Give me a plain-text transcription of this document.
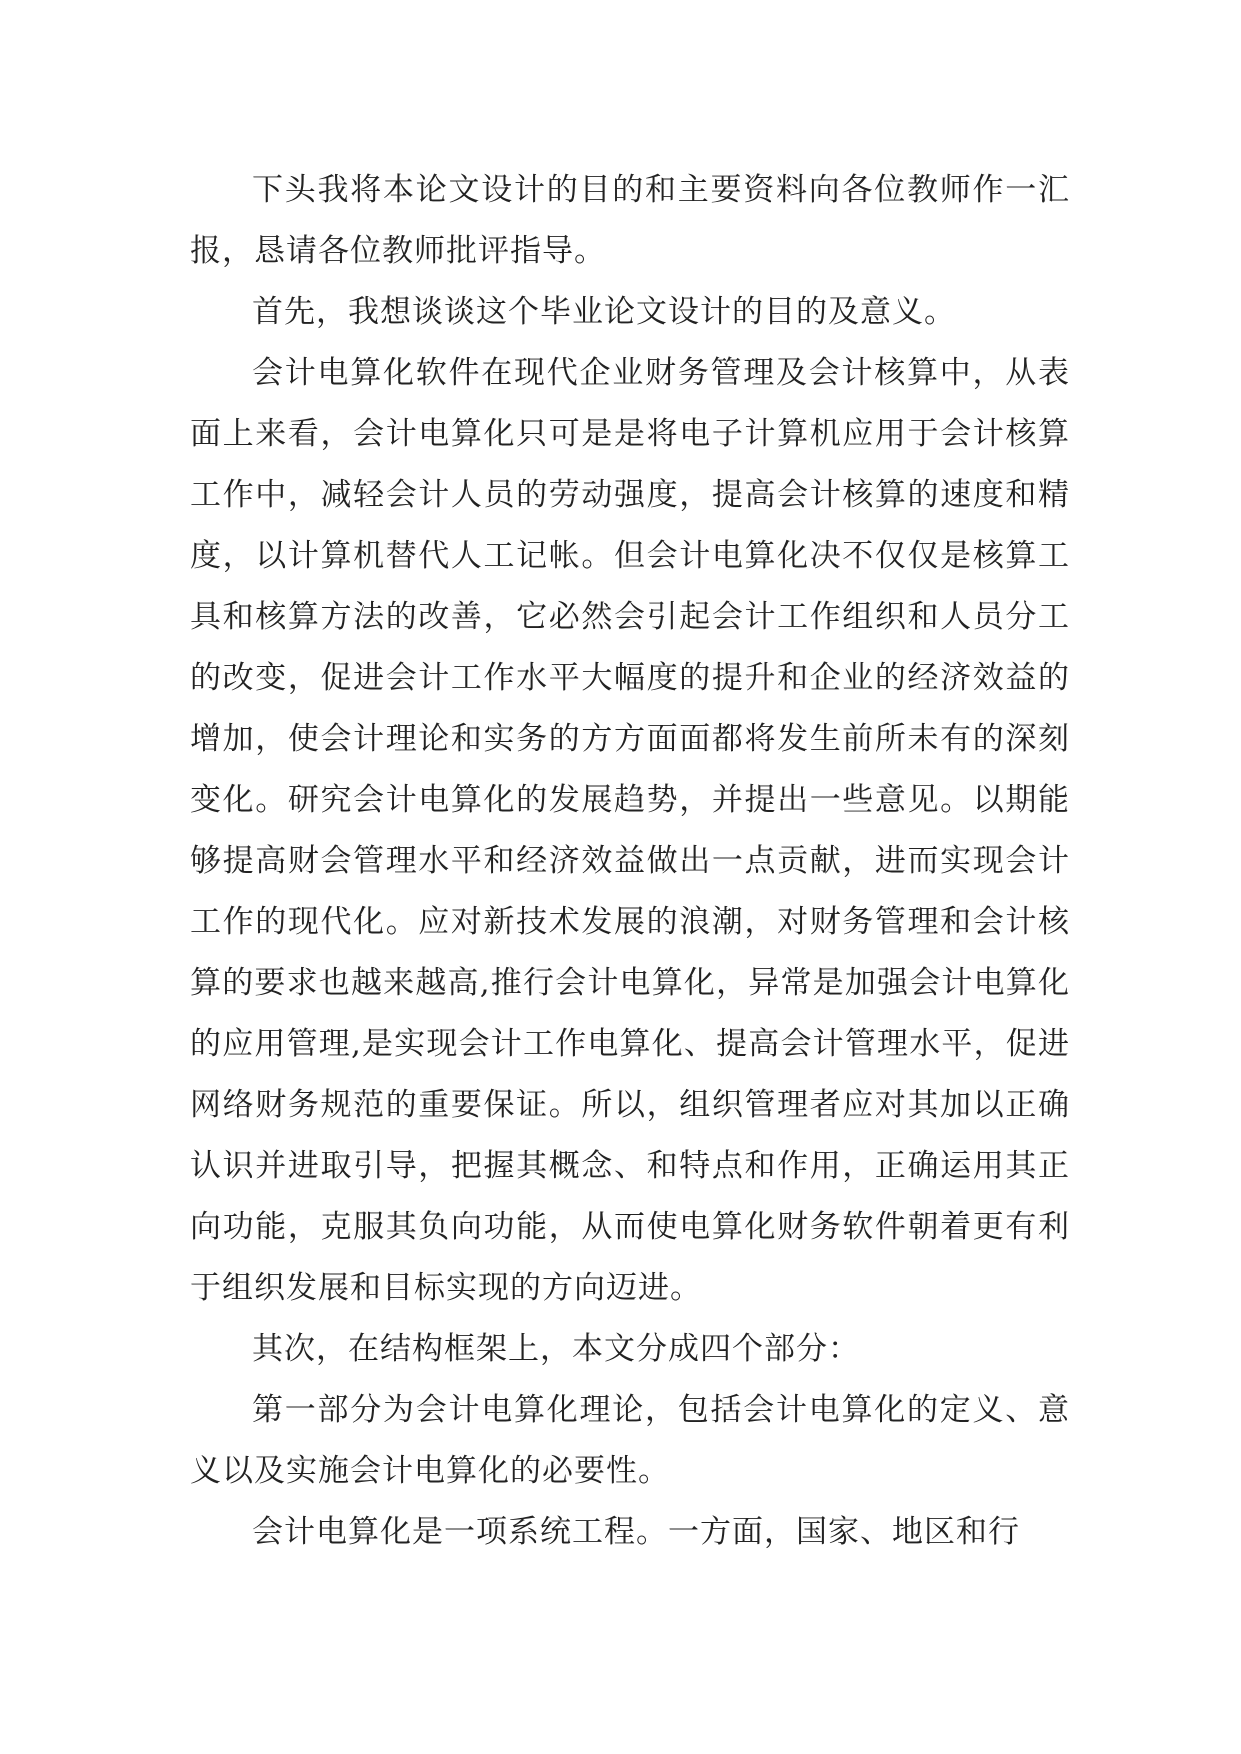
下头我将本论文设计的目的和主要资料向各位教师作一汇报，恳请各位教师批评指导。

首先，我想谈谈这个毕业论文设计的目的及意义。

会计电算化软件在现代企业财务管理及会计核算中，从表面上来看，会计电算化只可是是将电子计算机应用于会计核算工作中，减轻会计人员的劳动强度，提高会计核算的速度和精度，以计算机替代人工记帐。但会计电算化决不仅仅是核算工具和核算方法的改善，它必然会引起会计工作组织和人员分工的改变，促进会计工作水平大幅度的提升和企业的经济效益的增加，使会计理论和实务的方方面面都将发生前所未有的深刻变化。研究会计电算化的发展趋势，并提出一些意见。以期能够提高财会管理水平和经济效益做出一点贡献，进而实现会计工作的现代化。应对新技术发展的浪潮，对财务管理和会计核算的要求也越来越高,推行会计电算化，异常是加强会计电算化的应用管理,是实现会计工作电算化、提高会计管理水平，促进网络财务规范的重要保证。所以，组织管理者应对其加以正确认识并进取引导，把握其概念、和特点和作用，正确运用其正向功能，克服其负向功能，从而使电算化财务软件朝着更有利于组织发展和目标实现的方向迈进。

其次，在结构框架上，本文分成四个部分：

第一部分为会计电算化理论，包括会计电算化的定义、意义以及实施会计电算化的必要性。

会计电算化是一项系统工程。一方面，国家、地区和行
